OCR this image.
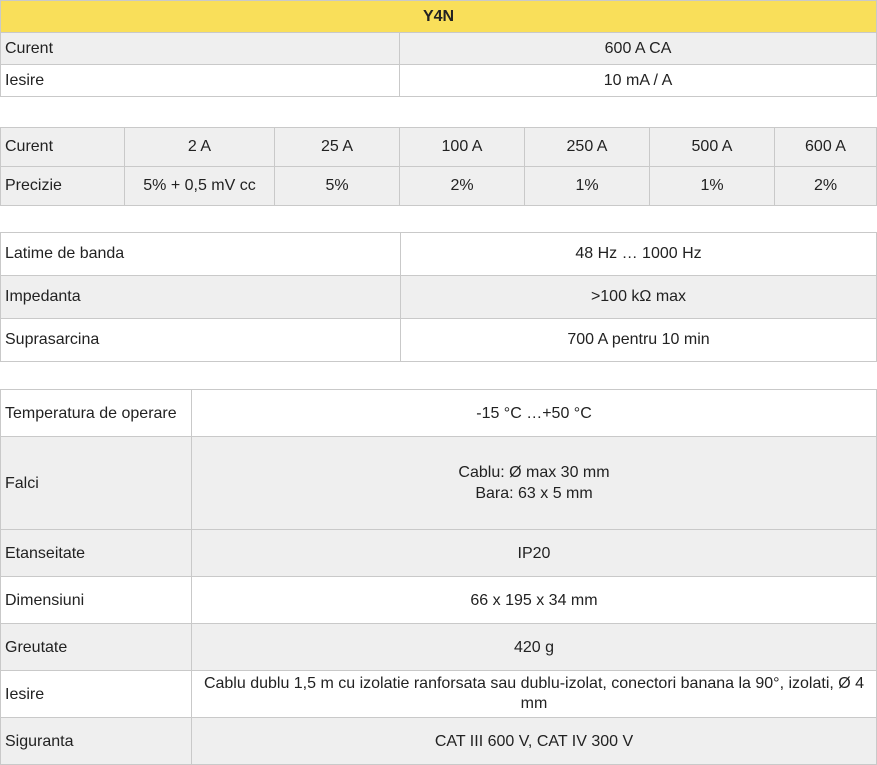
Y4N	
Curent	600 A CA
Iesire	10 mA / A
Curent	2 A	25 A	100 A	250 A	500 A	600 A
Precizie	5% + 0,5 mV cc	5%	2%	1%	1%	2%
Latime de banda	48 Hz … 1000 Hz
Impedanta	>100 kΩ max
Suprasarcina	700 A pentru 10 min
Temperatura de operare	-15 °C …+50 °C
Falci	Cablu: Ø max 30 mm
Bara: 63 x 5 mm

Etanseitate	IP20
Dimensiuni	66 x 195 x 34 mm
Greutate	420 g
Iesire	Cablu dublu 1,5 m cu izolatie ranforsata sau dublu-izolat, conectori banana la 90°, izolati, Ø 4 mm
Siguranta	CAT III 600 V, CAT IV 300 V
